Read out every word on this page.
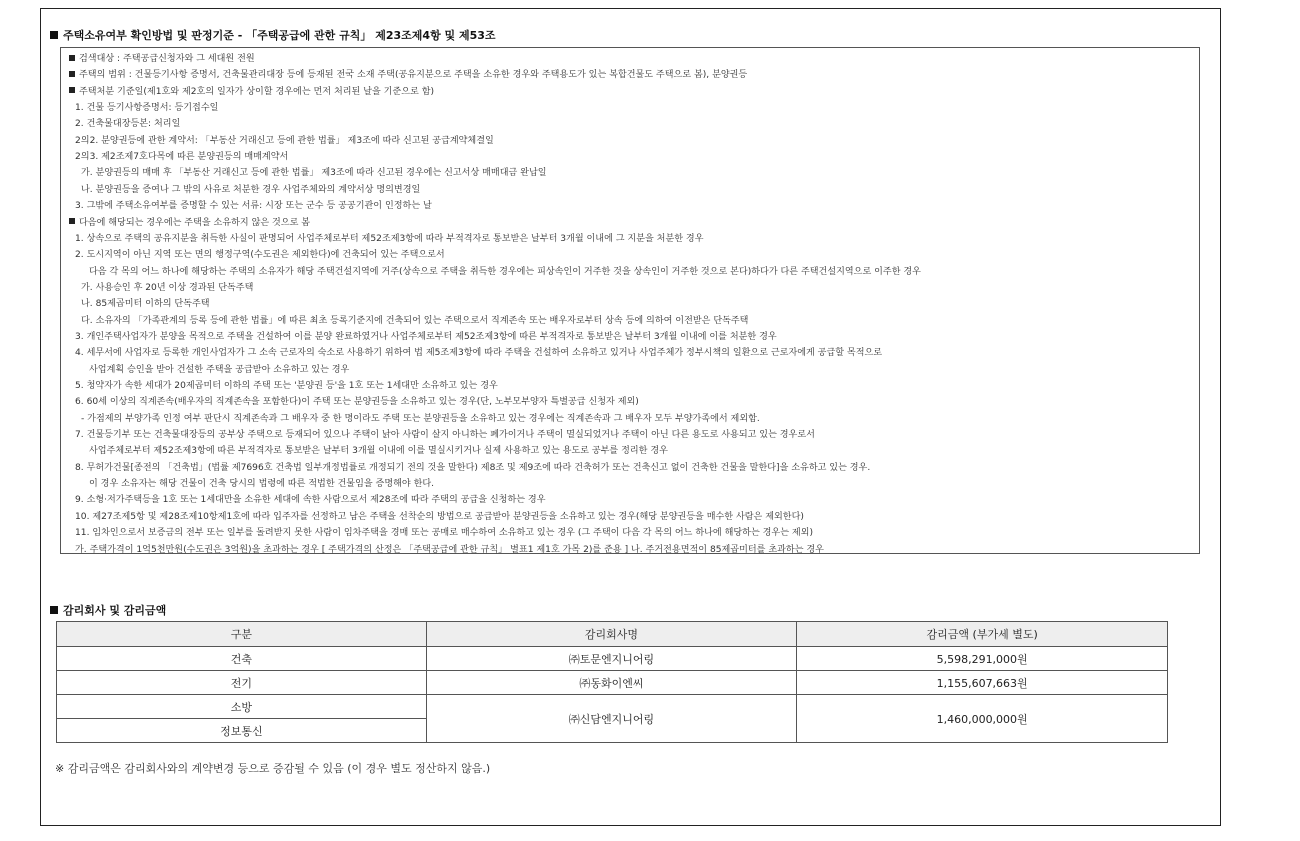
주택소유여부 확인방법 및 판정기준 - 「주택공급에 관한 규칙」 제23조제4항 및 제53조
검색대상 : 주택공급신청자와 그 세대원 전원
주택의 범위 : 건물등기사항 증명서, 건축물관리대장 등에 등재된 전국 소재 주택(공유지분으로 주택을 소유한 경우와 주택용도가 있는 복합건물도 주택으로 봄), 분양권등
주택처분 기준일(제1호와 제2호의 일자가 상이할 경우에는 먼저 처리된 날을 기준으로 함)
1. 건물 등기사항증명서: 등기접수일
2. 건축물대장등본: 처리일
2의2. 분양권등에 관한 계약서: 「부동산 거래신고 등에 관한 법률」 제3조에 따라 신고된 공급계약체결일
2의3. 제2조제7호다목에 따른 분양권등의 매매계약서
가. 분양권등의 매매 후 「부동산 거래신고 등에 관한 법률」 제3조에 따라 신고된 경우에는 신고서상 매매대금 완납일
나. 분양권등을 증여나 그 밖의 사유로 처분한 경우 사업주체와의 계약서상 명의변경일
3. 그밖에 주택소유여부를 증명할 수 있는 서류: 시장 또는 군수 등 공공기관이 인정하는 날
다음에 해당되는 경우에는 주택을 소유하지 않은 것으로 봄
1. 상속으로 주택의 공유지분을 취득한 사실이 판명되어 사업주체로부터 제52조제3항에 따라 부적격자로 통보받은 날부터 3개월 이내에 그 지분을 처분한 경우
2. 도시지역이 아닌 지역 또는 면의 행정구역(수도권은 제외한다)에 건축되어 있는 주택으로서
다음 각 목의 어느 하나에 해당하는 주택의 소유자가 해당 주택건설지역에 거주(상속으로 주택을 취득한 경우에는 피상속인이 거주한 것을 상속인이 거주한 것으로 본다)하다가 다른 주택건설지역으로 이주한 경우
가. 사용승인 후 20년 이상 경과된 단독주택
나. 85제곱미터 이하의 단독주택
다. 소유자의 「가족관계의 등록 등에 관한 법률」에 따른 최초 등록기준지에 건축되어 있는 주택으로서 직계존속 또는 배우자로부터 상속 등에 의하여 이전받은 단독주택
3. 개인주택사업자가 분양을 목적으로 주택을 건설하여 이를 분양 완료하였거나 사업주체로부터 제52조제3항에 따른 부적격자로 통보받은 날부터 3개월 이내에 이를 처분한 경우
4. 세무서에 사업자로 등록한 개인사업자가 그 소속 근로자의 숙소로 사용하기 위하여 법 제5조제3항에 따라 주택을 건설하여 소유하고 있거나 사업주체가 정부시책의 일환으로 근로자에게 공급할 목적으로
사업계획 승인을 받아 건설한 주택을 공급받아 소유하고 있는 경우
5. 청약자가 속한 세대가 20제곱미터 이하의 주택 또는 '분양권 등'을 1호 또는 1세대만 소유하고 있는 경우
6. 60세 이상의 직계존속(배우자의 직계존속을 포함한다)이 주택 또는 분양권등을 소유하고 있는 경우(단, 노부모부양자 특별공급 신청자 제외)
- 가점제의 부양가족 인정 여부 판단시 직계존속과 그 배우자 중 한 명이라도 주택 또는 분양권등을 소유하고 있는 경우에는 직계존속과 그 배우자 모두 부양가족에서 제외함.
7. 건물등기부 또는 건축물대장등의 공부상 주택으로 등재되어 있으나 주택이 낡아 사람이 살지 아니하는 폐가이거나 주택이 멸실되었거나 주택이 아닌 다른 용도로 사용되고 있는 경우로서
사업주체로부터 제52조제3항에 따른 부적격자로 통보받은 날부터 3개월 이내에 이를 멸실시키거나 실제 사용하고 있는 용도로 공부를 정리한 경우
8. 무허가건물[종전의 「건축법」(법률 제7696호 건축법 일부개정법률로 개정되기 전의 것을 말한다) 제8조 및 제9조에 따라 건축허가 또는 건축신고 없이 건축한 건물을 말한다]을 소유하고 있는 경우.
이 경우 소유자는 해당 건물이 건축 당시의 법령에 따른 적법한 건물임을 증명해야 한다.
9. 소형·저가주택등을 1호 또는 1세대만을 소유한 세대에 속한 사람으로서 제28조에 따라 주택의 공급을 신청하는 경우
10. 제27조제5항 및 제28조제10항제1호에 따라 입주자를 선정하고 남은 주택을 선착순의 방법으로 공급받아 분양권등을 소유하고 있는 경우(해당 분양권등을 매수한 사람은 제외한다)
11. 임차인으로서 보증금의 전부 또는 일부를 돌려받지 못한 사람이 임차주택을 경매 또는 공매로 매수하여 소유하고 있는 경우 (그 주택이 다음 각 목의 어느 하나에 해당하는 경우는 제외)
가. 주택가격이 1억5천만원(수도권은 3억원)을 초과하는 경우 [ 주택가격의 산정은 「주택공급에 관한 규칙」 별표1 제1호 가목 2)를 준용 ] 나. 주거전용면적이 85제곱미터를 초과하는 경우
감리회사 및 감리금액
구분	감리회사명	감리금액 (부가세 별도)
건축	㈜토문엔지니어링	5,598,291,000원
전기	㈜동화이엔씨	1,155,607,663원
소방	㈜신담엔지니어링	1,460,000,000원
정보통신		
※ 감리금액은 감리회사와의 계약변경 등으로 증감될 수 있음 (이 경우 별도 정산하지 않음.)
